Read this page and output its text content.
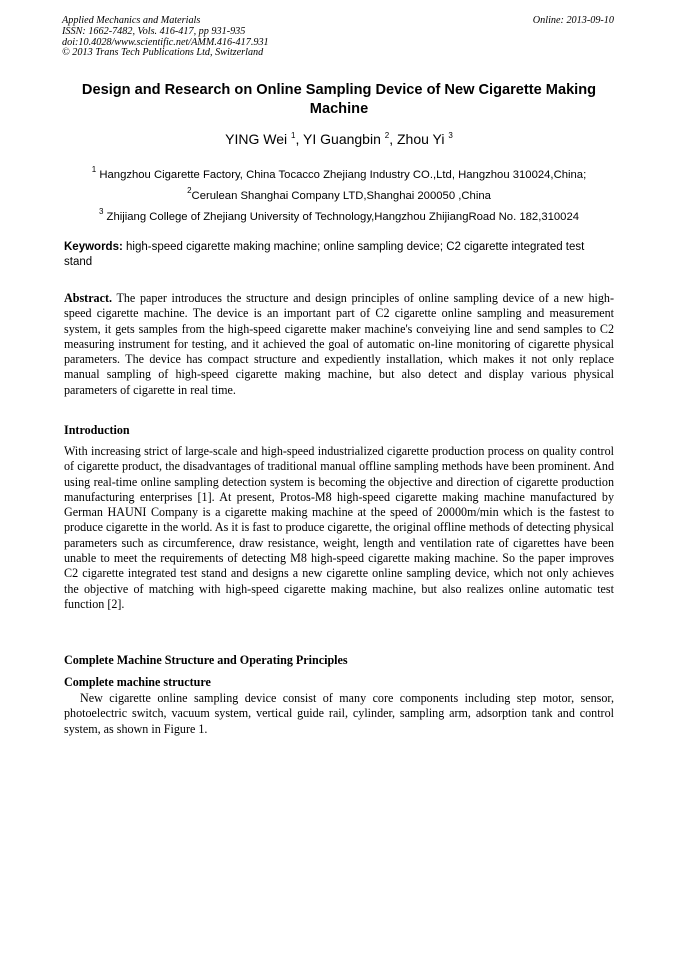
Applied Mechanics and Materials
ISSN: 1662-7482, Vols. 416-417, pp 931-935
doi:10.4028/www.scientific.net/AMM.416-417.931
© 2013 Trans Tech Publications Ltd, Switzerland
Online: 2013-09-10
Design and Research on Online Sampling Device of New Cigarette Making Machine
YING Wei $^1$, YI Guangbin $^2$, Zhou Yi $^3$
$^1$ Hangzhou Cigarette Factory, China Tocacco Zhejiang Industry CO.,Ltd, Hangzhou 310024,China;
$^2$Cerulean Shanghai Company LTD,Shanghai 200050 ,China
$^3$ Zhijiang College of Zhejiang University of Technology,Hangzhou ZhijiangRoad No. 182,310024
Keywords: high-speed cigarette making machine; online sampling device; C2 cigarette integrated test stand
Abstract. The paper introduces the structure and design principles of online sampling device of a new high-speed cigarette machine. The device is an important part of C2 cigarette online sampling and measurement system, it gets samples from the high-speed cigarette maker machine's conveiying line and send samples to C2 measuring instrument for testing, and it achieved the goal of automatic on-line monitoring of cigarette physical parameters. The device has compact structure and expediently installation, which makes it not only replace manual sampling of high-speed cigarette making machine, but also detect and display various physical parameters of cigarette in real time.
Introduction
With increasing strict of large-scale and high-speed industrialized cigarette production process on quality control of cigarette product, the disadvantages of traditional manual offline sampling methods have been prominent. And using real-time online sampling detection system is becoming the objective and direction of cigarette production manufacturing enterprises [1]. At present, Protos-M8 high-speed cigarette making machine manufactured by German HAUNI Company is a cigarette making machine at the speed of 20000m/min which is the fastest to produce cigarette in the world. As it is fast to produce cigarette, the original offline methods of detecting physical parameters such as circumference, draw resistance, weight, length and ventilation rate of cigarettes have been unable to meet the requirements of detecting M8 high-speed cigarette making machine. So the paper improves C2 cigarette integrated test stand and designs a new cigarette online sampling device, which not only achieves the objective of matching with high-speed cigarette making machine, but also realizes online automatic test function [2].
Complete Machine Structure and Operating Principles
Complete machine structure
New cigarette online sampling device consist of many core components including step motor, sensor, photoelectric switch, vacuum system, vertical guide rail, cylinder, sampling arm, adsorption tank and control system, as shown in Figure 1.
